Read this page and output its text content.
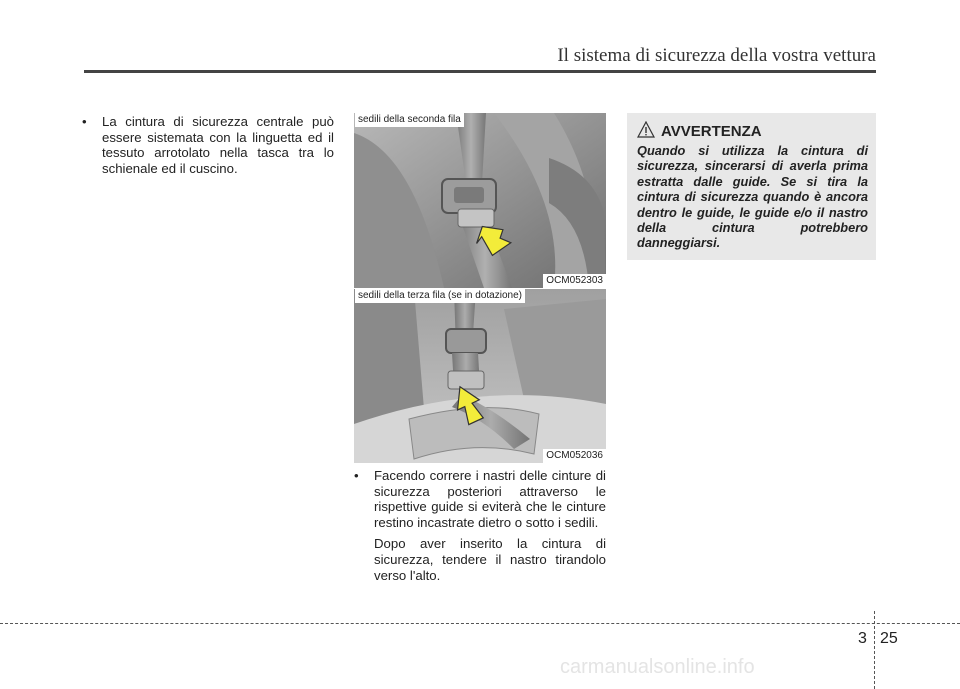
Il sistema di sicurezza della vostra vettura
• La cintura di sicurezza centrale può essere sistemata con la linguetta ed il tessuto arrotolato nella tasca tra lo schienale ed il cuscino.
sedili della seconda fila
OCM052303
sedili della terza fila (se in dotazione)
OCM052036
• Facendo correre i nastri delle cinture di sicurezza posteriori attraverso le rispettive guide si eviterà che le cinture restino incastrate dietro o sotto i sedili.
Dopo aver inserito la cintura di sicurezza, tendere il nastro tirandolo verso l'alto.
AVVERTENZA
Quando si utilizza la cintura di sicurezza, sincerarsi di averla prima estratta dalle guide. Se si tira la cintura di sicurezza quando è ancora dentro le guide, le guide e/o il nastro della cintura potrebbero danneggiarsi.
3 25
carmanualsonline.info
